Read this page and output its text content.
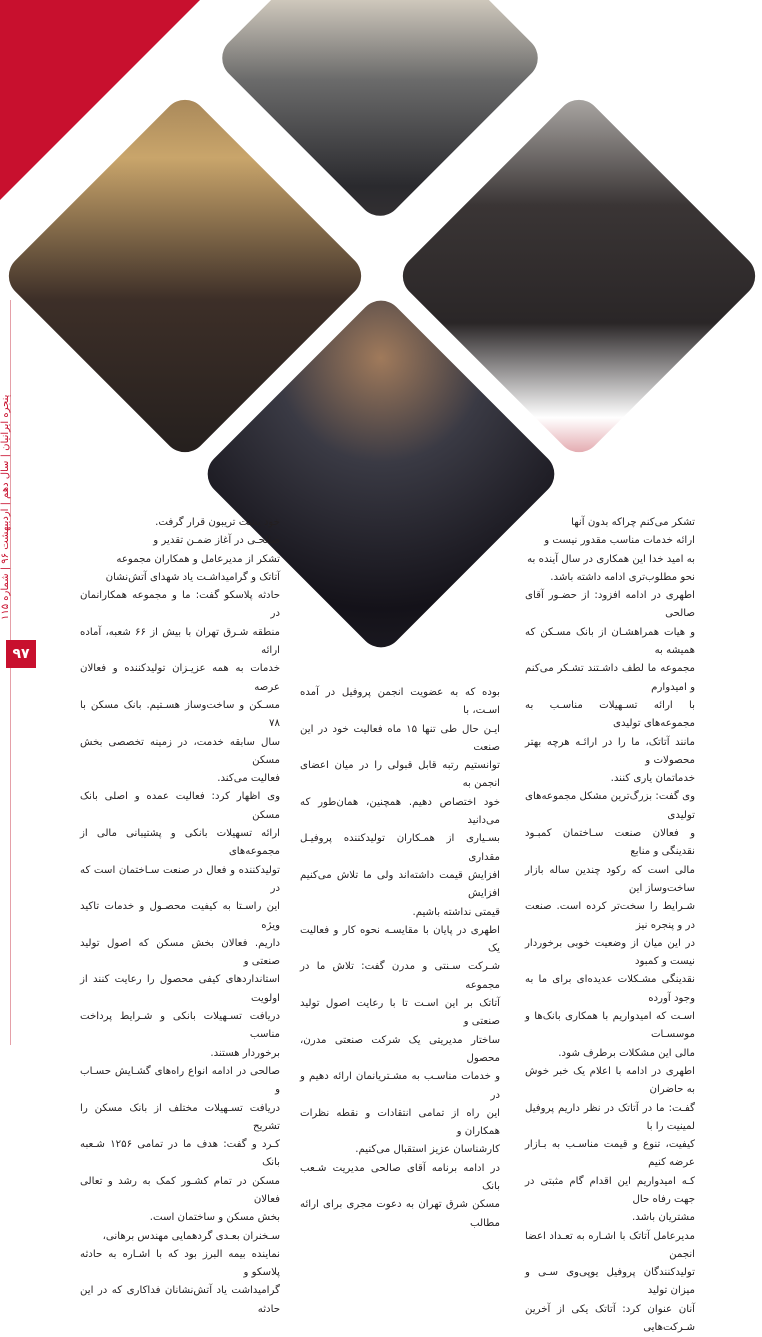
پنجره ایرانیان | سال دهم | اردیبهشت ۹۶ | شماره ۱۱۵
۹۷

تشکر می‌کنم چراکه بدون آنها

ارائه خدمات مناسب مقدور نیست و

به امید خدا این همکاری در سال آینده به

نحو مطلوب‌تری ادامه داشته باشد.

اطهری در ادامه افزود: از حضـور آقای صالحی

و هیات همراهشـان از بانک مسـکن که همیشه به

مجموعه ما لطف داشـتند تشـکر می‌کنم و امیدوارم

با ارائه تسـهیلات مناسـب به مجموعه‌های تولیدی

مانند آتاتک، ما را در ارائـه هرچه بهتر محصولات و

خدماتمان یاری کنند.

وی گفت: بزرگ‌ترین مشکل مجموعه‌های تولیدی

و فعالان صنعت سـاختمان کمبـود نقدینگی و منابع

مالی است که رکود چندین ساله بازار ساخت‌وساز این

شـرایط را سخت‌تر کرده است. صنعت در و پنجره نیز

در این میان از وضعیت خوبی برخوردار نیست و کمبود

نقدینگی مشـکلات عدیده‌ای برای ما به وجود آورده

اسـت که امیدواریم با همکاری بانک‌ها و موسسـات

مالی این مشکلات برطرف شود.

اطهری در ادامه با اعلام یک خبر خوش به حاضران

گفـت: ما در آتاتک در نظر داریم پروفیل لمینیت را با

کیفیت، تنوع و قیمت مناسـب به بـازار عرضه کنیم

کـه امیدواریم این اقدام گام مثبتی در جهت رفاه حال

مشتریان باشد.

مدیرعامل آتاتک با اشـاره به تعـداد اعضا انجمن

تولیدکنندگان پروفیل یوپی‌وی سـی و میزان تولید

آنان عنوان کرد: آتاتک یکی از آخرین شـرکت‌هایی

بوده که به عضویت انجمن پروفیل در آمده اسـت، با

ایـن حال طی تنها ۱۵ ماه فعالیت خود در این صنعت

توانستیم رتبه قابل قبولی را در میان اعضای انجمن به

خود اختصاص دهیم. همچنین، همان‌طور که می‌دانید

بسـیاری از همـکاران تولیدکننده پروفیـل مقداری

افزایش قیمت داشته‌اند ولی ما تلاش می‌کنیم افزایش

قیمتی نداشته باشیم.

اطهری در پایان با مقایسـه نحوه کار و فعالیت یک

شـرکت سـنتی و مدرن گفت: تلاش ما در مجموعه

آتاتک بر این اسـت تا با رعایت اصول تولید صنعتی و

ساختار مدیریتی یک شرکت صنعتی مدرن، محصول

و خدمات مناسـب به مشـتریانمان ارائه دهیم و در

این راه از تمامی انتقادات و نقطه نظرات همکاران و

کارشناسان عزیز استقبال می‌کنیم.

در ادامه برنامه آقای صالحی مدیریت شـعب بانک

مسکن شرق تهران به دعوت مجری برای ارائه مطالب

خود پشت تریبون قرار گرفت.

صالحـی در آغاز ضمـن تقدیر و

تشکر از مدیرعامل و همکاران مجموعه

آتاتک و گرامیداشـت یاد شهدای آتش‌نشان

حادثه پلاسکو گفت: ما و مجموعه همکارانمان در

منطقه شـرق تهران با بیش از ۶۶ شعبه، آماده ارائه

خدمات به همه عزیـزان تولیدکننده و فعالان عرصه

مسـکن و ساخت‌وساز هسـتیم. بانک مسکن با ۷۸

سال سابقه خدمت، در زمینه تخصصی بخش مسکن

فعالیت می‌کند.

وی اظهار کرد: فعالیت عمده و اصلی بانک مسکن

ارائه تسهیلات بانکی و پشتیبانی مالی از مجموعه‌های

تولیدکننده و فعال در صنعت سـاختمان است که در

این راسـتا به کیفیت محصـول و خدمات تاکید ویژه

داریم. فعالان بخش مسکن که اصول تولید صنعتی و

استانداردهای کیفی محصول را رعایت کنند از اولویت

دریافت تسـهیلات بانکی و شـرایط پرداخت مناسب

برخوردار هستند.

صالحی در ادامه انواع راه‌های گشـایش حسـاب و

دریافت تسـهیلات مختلف از بانک مسکن را تشریح

کـرد و گفت: هدف ما در تمامی ۱۲۵۶ شـعبه بانک

مسکن در تمام کشـور کمک به رشد و تعالی فعالان

بخش مسکن و ساختمان است.

سـخنران بعـدی گردهمایی مهندس برهانی،

نماینده بیمه البرز بود که با اشـاره به حادثه پلاسکو و

گرامیداشت یاد آتش‌نشانان فداکاری که در این حادثه
